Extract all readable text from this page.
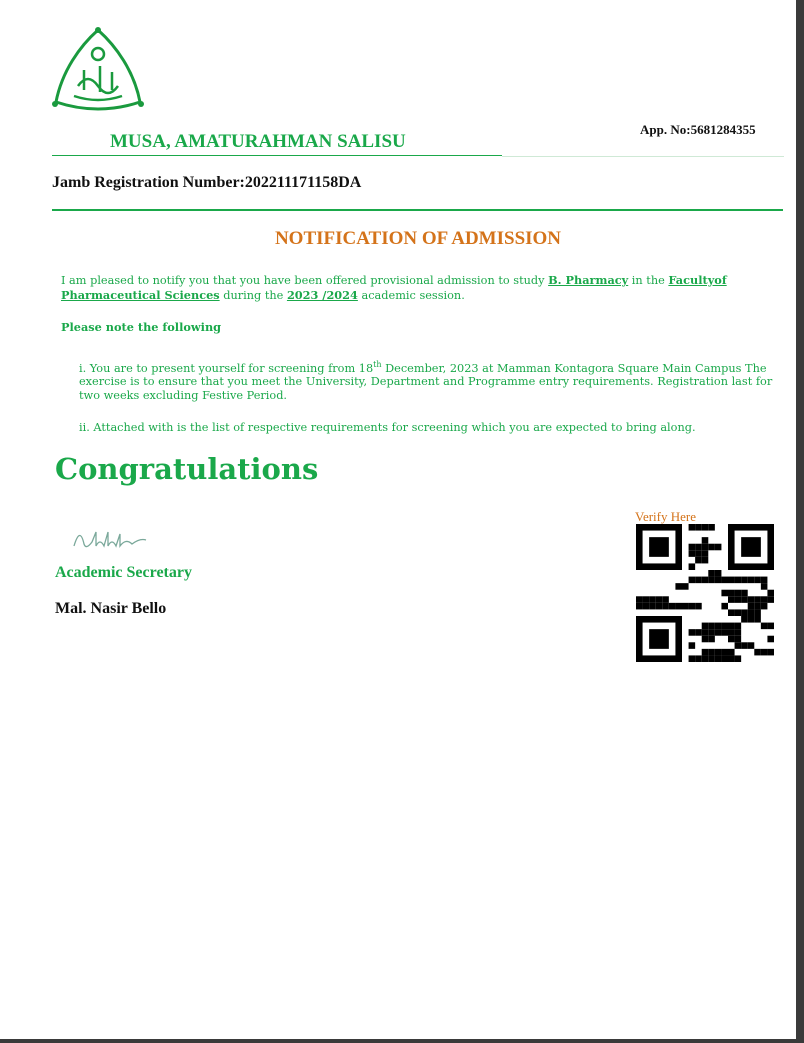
MUSA, AMATURAHMAN SALISU
App. No:5681284355
Jamb Registration Number:202211171158DA
NOTIFICATION OF ADMISSION
I am pleased to notify you that you have been offered provisional admission to study B. Pharmacy in the Facultyof Pharmaceutical Sciences during the 2023 /2024 academic session.
Please note the following
i. You are to present yourself for screening from 18th December, 2023 at Mamman Kontagora Square Main Campus The exercise is to ensure that you meet the University, Department and Programme entry requirements. Registration last for two weeks excluding Festive Period.
ii. Attached with is the list of respective requirements for screening which you are expected to bring along.
Congratulations
Academic Secretary
Mal. Nasir Bello
Verify Here
